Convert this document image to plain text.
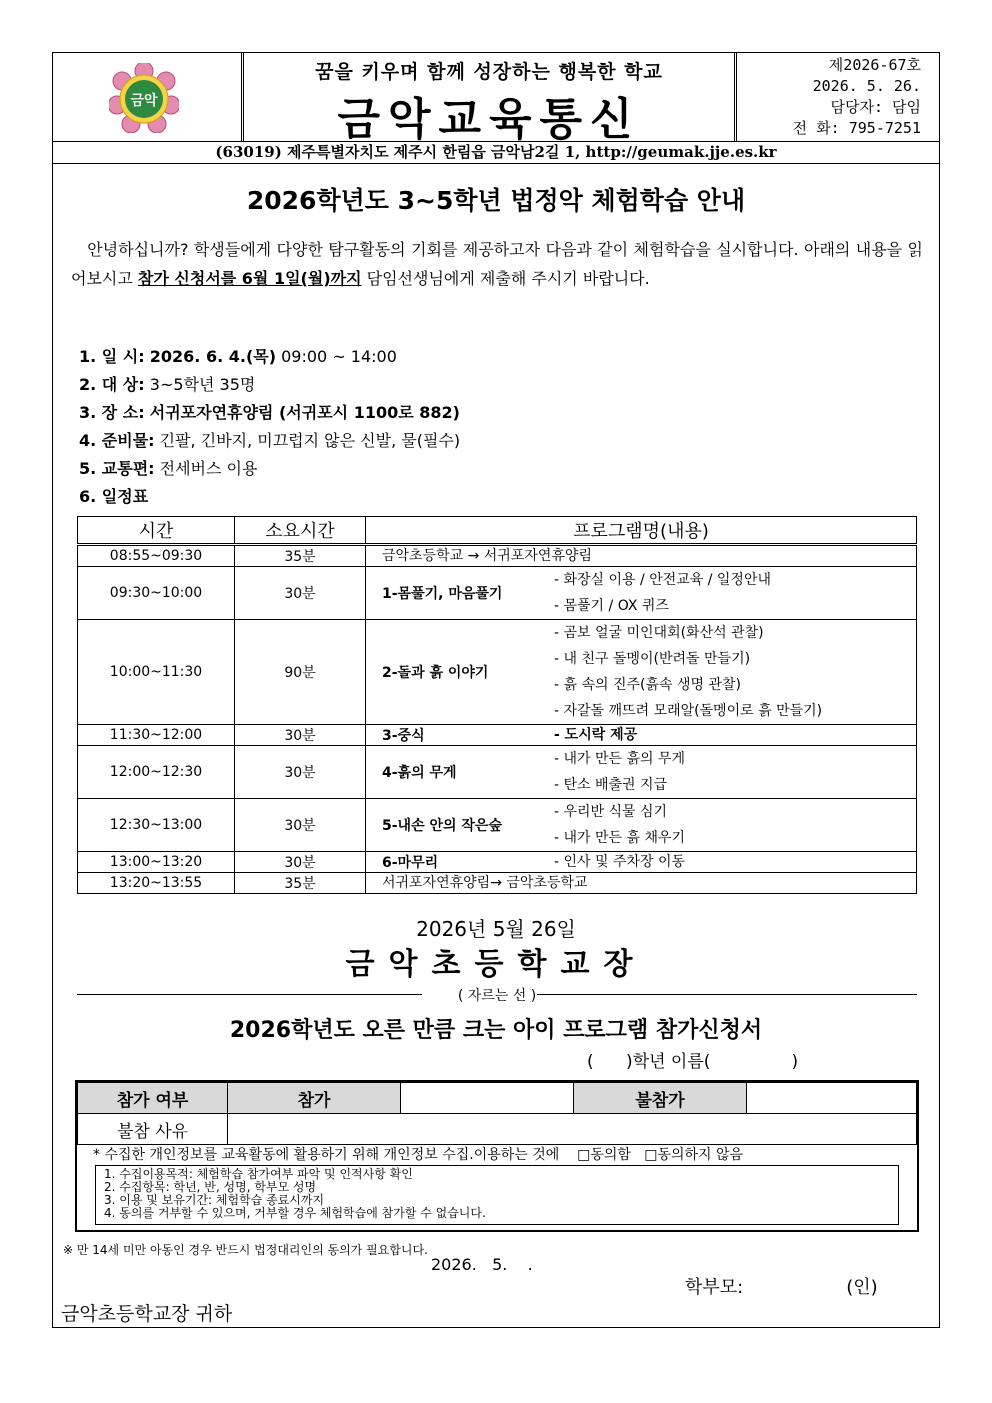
금악
꿈을 키우며 함께 성장하는 행복한 학교
금악교육통신
제2026-67호
2026. 5. 26.
담당자: 담임
전 화: 795-7251
(63019) 제주특별자치도 제주시 한림읍 금악남2길 1, http://geumak.jje.es.kr
2026학년도 3~5학년 법정악 체험학습 안내
안녕하십니까? 학생들에게 다양한 탐구활동의 기회를 제공하고자 다음과 같이 체험학습을 실시합니다. 아래의 내용을 읽어보시고 참가 신청서를 6월 1일(월)까지 담임선생님에게 제출해 주시기 바랍니다.
1. 일 시: 2026. 6. 4.(목) 09:00 ~ 14:00
2. 대 상: 3~5학년 35명
3. 장 소: 서귀포자연휴양림 (서귀포시 1100로 882)
4. 준비물: 긴팔, 긴바지, 미끄럽지 않은 신발, 물(필수)
5. 교통편: 전세버스 이용
6. 일정표
시간	소요시간	프로그램명(내용)
08:55~09:30	35분	금악초등학교 → 서귀포자연휴양림

09:30~10:00	30분	1-몸풀기, 마음풀기
- 화장실 이용 / 안전교육 / 일정안내
- 몸풀기 / OX 퀴즈

10:00~11:30	90분	2-돌과 흙 이야기
- 곰보 얼굴 미인대회(화산석 관찰)
- 내 친구 돌멩이(반려돌 만들기)
- 흙 속의 진주(흙속 생명 관찰)
- 자갈돌 깨뜨려 모래알(돌멩이로 흙 만들기)

11:30~12:00	30분	3-중식 - 도시락 제공

12:00~12:30	30분	4-흙의 무게
- 내가 만든 흙의 무게
- 탄소 배출권 지급

12:30~13:00	30분	5-내손 안의 작은숲
- 우리반 식물 심기
- 내가 만든 흙 채우기

13:00~13:20	30분	6-마무리 - 인사 및 주차장 이동

13:20~13:55	35분	서귀포자연휴양림→ 금악초등학교
2026년 5월 26일
금악초등학교장
( 자르는 선 )
2026학년도 오른 만큼 크는 아이 프로그램 참가신청서
(      )학년 이름(               )
참가 여부	참가		불참가	
불참 사유				
* 수집한 개인정보를 교육활동에 활용하기 위해 개인정보 수집.이용하는 것에    □동의함   □동의하지 않음
1. 수집이용목적: 체험학습 참가여부 파악 및 인적사항 확인
2. 수집항목: 학년, 반, 성명, 학부모 성명
3. 이용 및 보유기간: 체험학습 종료시까지
4. 동의를 거부할 수 있으며, 거부할 경우 체험학습에 참가할 수 없습니다.
※ 만 14세 미만 아동인 경우 반드시 법정대리인의 동의가 필요합니다.
2026.   5.    .
학부모:                  (인)
금악초등학교장 귀하
